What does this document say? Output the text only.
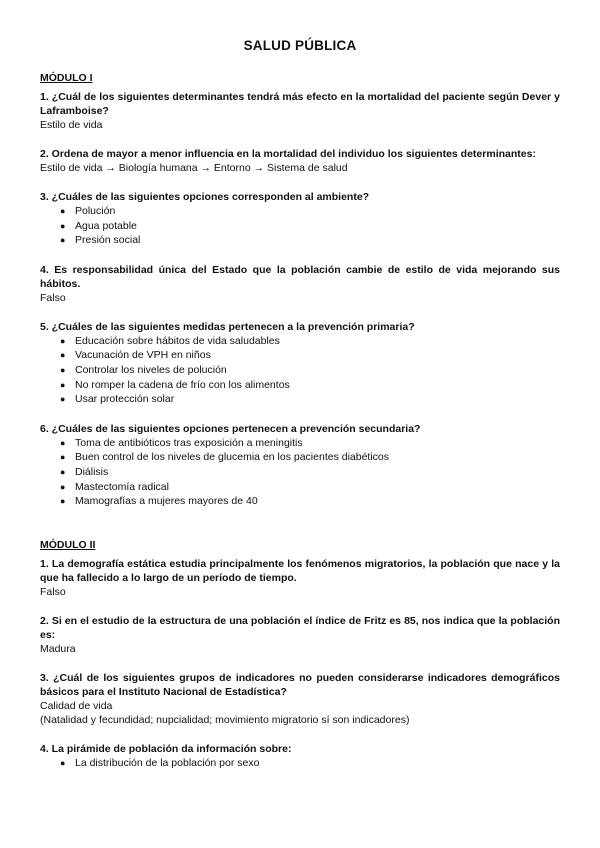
SALUD PÚBLICA
MÓDULO I
1. ¿Cuál de los siguientes determinantes tendrá más efecto en la mortalidad del paciente según Dever y Laframboise?
Estilo de vida
2. Ordena de mayor a menor influencia en la mortalidad del individuo los siguientes determinantes:
Estilo de vida → Biología humana → Entorno → Sistema de salud
3. ¿Cuáles de las siguientes opciones corresponden al ambiente?
● Polución
● Agua potable
● Presión social
4. Es responsabilidad única del Estado que la población cambie de estilo de vida mejorando sus hábitos.
Falso
5. ¿Cuáles de las siguientes medidas pertenecen a la prevención primaria?
● Educación sobre hábitos de vida saludables
● Vacunación de VPH en niños
● Controlar los niveles de polución
● No romper la cadena de frío con los alimentos
● Usar protección solar
6. ¿Cuáles de las siguientes opciones pertenecen a prevención secundaria?
● Toma de antibióticos tras exposición a meningitis
● Buen control de los niveles de glucemia en los pacientes diabéticos
● Diálisis
● Mastectomía radical
● Mamografías a mujeres mayores de 40
MÓDULO II
1. La demografía estática estudia principalmente los fenómenos migratorios, la población que nace y la que ha fallecido a lo largo de un período de tiempo.
Falso
2. Si en el estudio de la estructura de una población el índice de Fritz es 85, nos indica que la población es:
Madura
3. ¿Cuál de los siguientes grupos de indicadores no pueden considerarse indicadores demográficos básicos para el Instituto Nacional de Estadística?
Calidad de vida
(Natalidad y fecundidad; nupcialidad; movimiento migratorio sí son indicadores)
4. La pirámide de población da información sobre:
● La distribución de la población por sexo
